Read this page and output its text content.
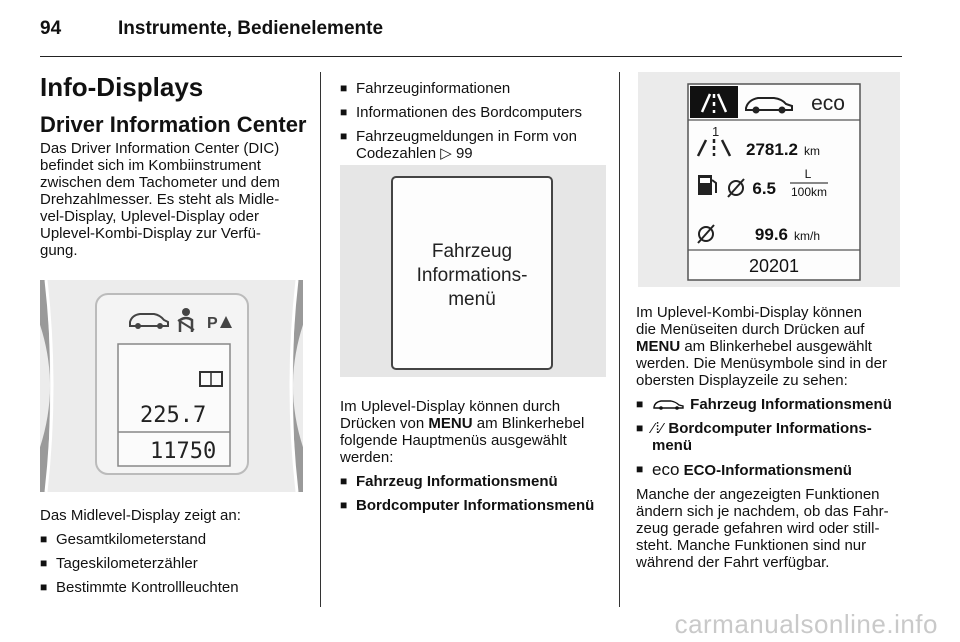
94	Instrumente, Bedienelemente
Info-Displays
Driver Information Center
Das Driver Information Center (DIC)
befindet sich im Kombiinstrument
zwischen dem Tachometer und dem
Drehzahlmesser. Es steht als Midle-
vel-Display, Uplevel-Display oder
Uplevel-Kombi-Display zur Verfü-
gung.
P
225.7
11750

Das Midlevel-Display zeigt an:

■ Gesamtkilometerstand
■ Tageskilometerzähler
■ Bestimmte Kontrollleuchten
■ Fahrzeuginformationen
■ Informationen des Bordcomputers
■ Fahrzeugmeldungen in Form von
Codezahlen ▷ 99
Fahrzeug
Informations-
menü

Im Uplevel-Display können durch
Drücken von MENU am Blinkerhebel
folgende Hauptmenüs ausgewählt
werden:

■ Fahrzeug Informationsmenü
■ Bordcomputer Informationsmenü
eco
1
2781.2 km
6.5
L
100km
99.6 km/h
20201

Im Uplevel-Kombi-Display können
die Menüseiten durch Drücken auf
MENU am Blinkerhebel ausgewählt
werden. Die Menüsymbole sind in der
obersten Displayzeile zu sehen:

■ Fahrzeug Informationsmenü
■ ⁄⁞⁄ Bordcomputer Informations-
menü
■ eco ECO-Informationsmenü
Manche der angezeigten Funktionen
ändern sich je nachdem, ob das Fahr-
zeug gerade gefahren wird oder still-
steht. Manche Funktionen sind nur
während der Fahrt verfügbar.
carmanualsonline.info
